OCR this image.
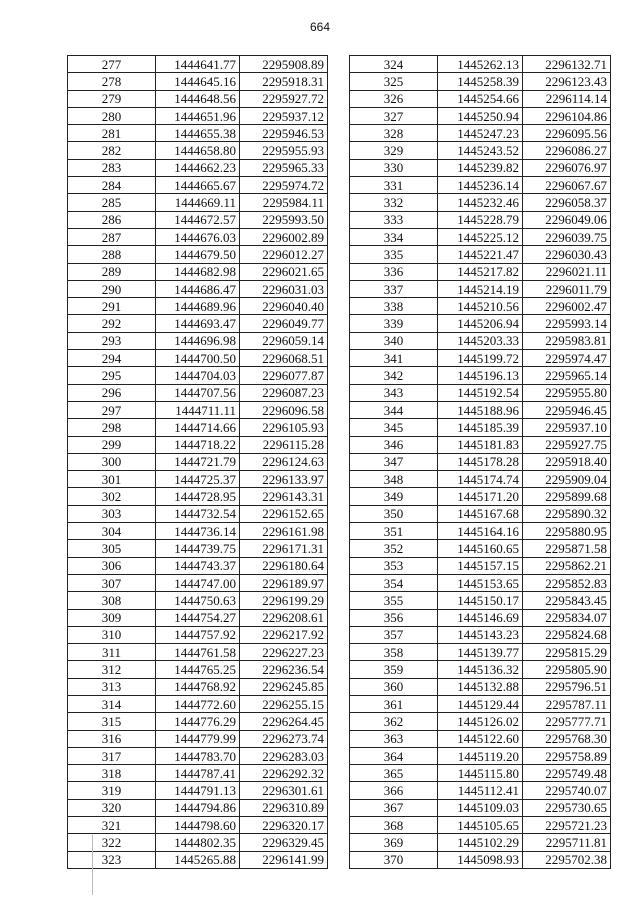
664
277	1444641.77	2295908.89
278	1444645.16	2295918.31
279	1444648.56	2295927.72
280	1444651.96	2295937.12
281	1444655.38	2295946.53
282	1444658.80	2295955.93
283	1444662.23	2295965.33
284	1444665.67	2295974.72
285	1444669.11	2295984.11
286	1444672.57	2295993.50
287	1444676.03	2296002.89
288	1444679.50	2296012.27
289	1444682.98	2296021.65
290	1444686.47	2296031.03
291	1444689.96	2296040.40
292	1444693.47	2296049.77
293	1444696.98	2296059.14
294	1444700.50	2296068.51
295	1444704.03	2296077.87
296	1444707.56	2296087.23
297	1444711.11	2296096.58
298	1444714.66	2296105.93
299	1444718.22	2296115.28
300	1444721.79	2296124.63
301	1444725.37	2296133.97
302	1444728.95	2296143.31
303	1444732.54	2296152.65
304	1444736.14	2296161.98
305	1444739.75	2296171.31
306	1444743.37	2296180.64
307	1444747.00	2296189.97
308	1444750.63	2296199.29
309	1444754.27	2296208.61
310	1444757.92	2296217.92
311	1444761.58	2296227.23
312	1444765.25	2296236.54
313	1444768.92	2296245.85
314	1444772.60	2296255.15
315	1444776.29	2296264.45
316	1444779.99	2296273.74
317	1444783.70	2296283.03
318	1444787.41	2296292.32
319	1444791.13	2296301.61
320	1444794.86	2296310.89
321	1444798.60	2296320.17
322	1444802.35	2296329.45
323	1445265.88	2296141.99
324	1445262.13	2296132.71
325	1445258.39	2296123.43
326	1445254.66	2296114.14
327	1445250.94	2296104.86
328	1445247.23	2296095.56
329	1445243.52	2296086.27
330	1445239.82	2296076.97
331	1445236.14	2296067.67
332	1445232.46	2296058.37
333	1445228.79	2296049.06
334	1445225.12	2296039.75
335	1445221.47	2296030.43
336	1445217.82	2296021.11
337	1445214.19	2296011.79
338	1445210.56	2296002.47
339	1445206.94	2295993.14
340	1445203.33	2295983.81
341	1445199.72	2295974.47
342	1445196.13	2295965.14
343	1445192.54	2295955.80
344	1445188.96	2295946.45
345	1445185.39	2295937.10
346	1445181.83	2295927.75
347	1445178.28	2295918.40
348	1445174.74	2295909.04
349	1445171.20	2295899.68
350	1445167.68	2295890.32
351	1445164.16	2295880.95
352	1445160.65	2295871.58
353	1445157.15	2295862.21
354	1445153.65	2295852.83
355	1445150.17	2295843.45
356	1445146.69	2295834.07
357	1445143.23	2295824.68
358	1445139.77	2295815.29
359	1445136.32	2295805.90
360	1445132.88	2295796.51
361	1445129.44	2295787.11
362	1445126.02	2295777.71
363	1445122.60	2295768.30
364	1445119.20	2295758.89
365	1445115.80	2295749.48
366	1445112.41	2295740.07
367	1445109.03	2295730.65
368	1445105.65	2295721.23
369	1445102.29	2295711.81
370	1445098.93	2295702.38
